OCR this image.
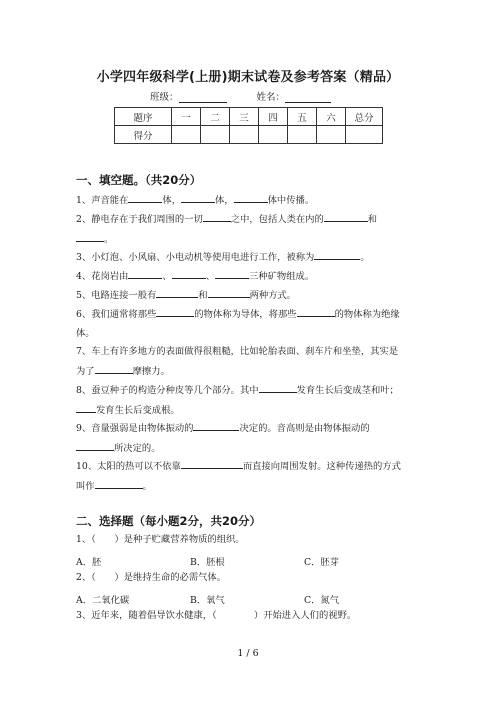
小学四年级科学(上册)期末试卷及参考答案（精品）
班级：	姓名：
题序	一	二	三	四	五	六	总分
得分							
一、填空题。（共20分）
1、声音能在	体，	体，	体中传播。
2、静电存在于我们周围的一切	之中，包括人类在内的	和
。
3、小灯泡、小风扇、小电动机等使用电进行工作，被称为	。
4、花岗岩由	、	、	三种矿物组成。
5、电路连接一般有	和	两种方式。
6、我们通常将那些	的物体称为导体，将那些	的物体称为绝缘
体。
7、车上有许多地方的表面做得很粗糙，比如轮胎表面、刹车片和坐垫，其实是
为了	摩擦力。
8、蚕豆种子的构造分种皮等几个部分。其中	发育生长后变成茎和叶；
发育生长后变成根。
9、音量强弱是由物体振动的	决定的。音高则是由物体振动的
所决定的。
10、太阳的热可以不依靠	而直接向周围发射。这种传递热的方式
叫作	。
二、选择题（每小题2分，共20分）
1、（　　）是种子贮藏营养物质的组织。
A．胚	B．胚根	C．胚芽
2、（　　）是维持生命的必需气体。
A．二氧化碳	B．氧气	C．氮气
3、近年来，随着倡导饮水健康，（　　　　）开始进入人们的视野。
1 / 6
